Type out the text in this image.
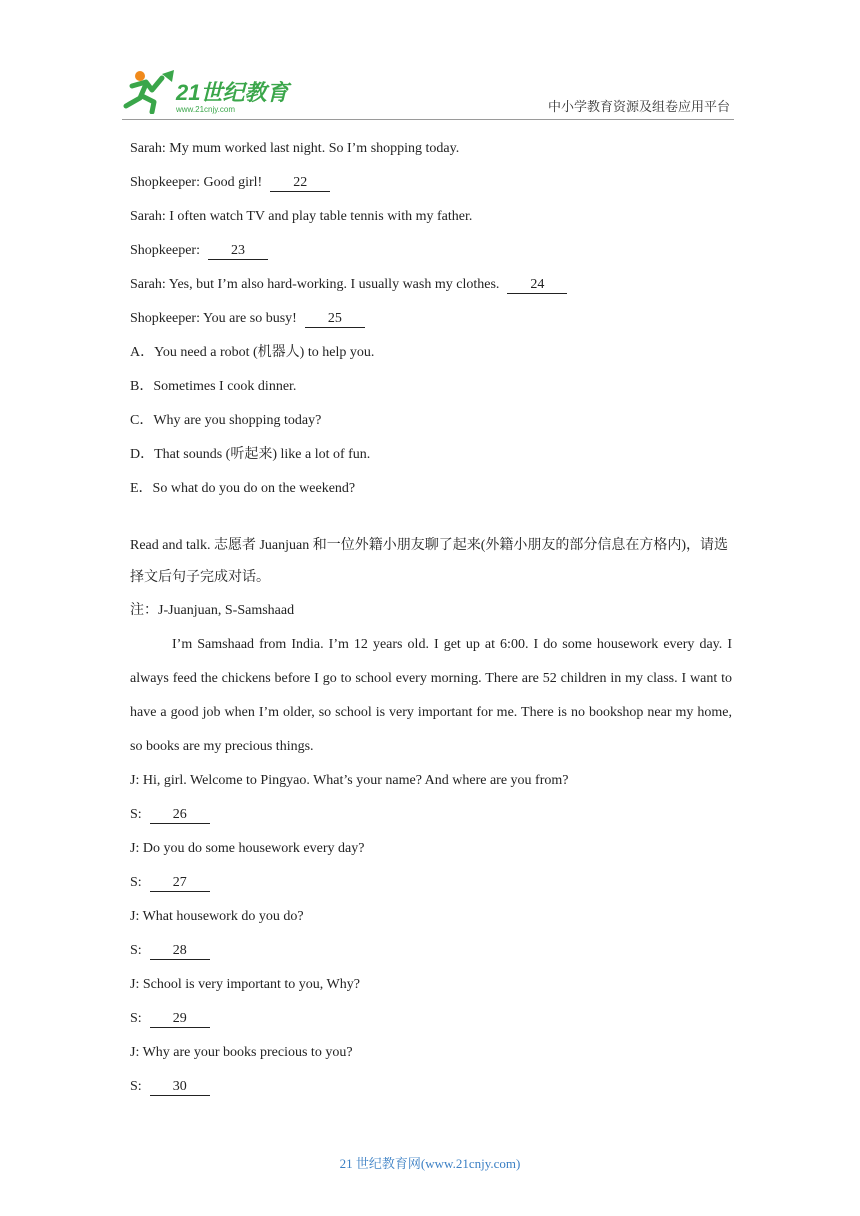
21世纪教育
www.21cnjy.com	中小学教育资源及组卷应用平台
Sarah: My mum worked last night. So I’m shopping today.
Shopkeeper: Good girl! 22
Sarah: I often watch TV and play table tennis with my father.
Shopkeeper: 23
Sarah: Yes, but I’m also hard-working. I usually wash my clothes. 24
Shopkeeper: You are so busy! 25
A．You need a robot (机器人) to help you.
B．Sometimes I cook dinner.
C．Why are you shopping today?
D．That sounds (听起来) like a lot of fun.
E．So what do you do on the weekend?
Read and talk. 志愿者 Juanjuan 和一位外籍小朋友聊了起来(外籍小朋友的部分信息在方格内)，请选择文后句子完成对话。
注：J-Juanjuan, S-Samshaad
I’m Samshaad from India. I’m 12 years old. I get up at 6:00. I do some housework every day. I always feed the chickens before I go to school every morning. There are 52 children in my class. I want to have a good job when I’m older, so school is very important for me. There is no bookshop near my home, so books are my precious things.
J: Hi, girl. Welcome to Pingyao. What’s your name? And where are you from?
S: 26
J: Do you do some housework every day?
S: 27
J: What housework do you do?
S: 28
J: School is very important to you, Why?
S: 29
J: Why are your books precious to you?
S: 30
21 世纪教育网(www.21cnjy.com)
